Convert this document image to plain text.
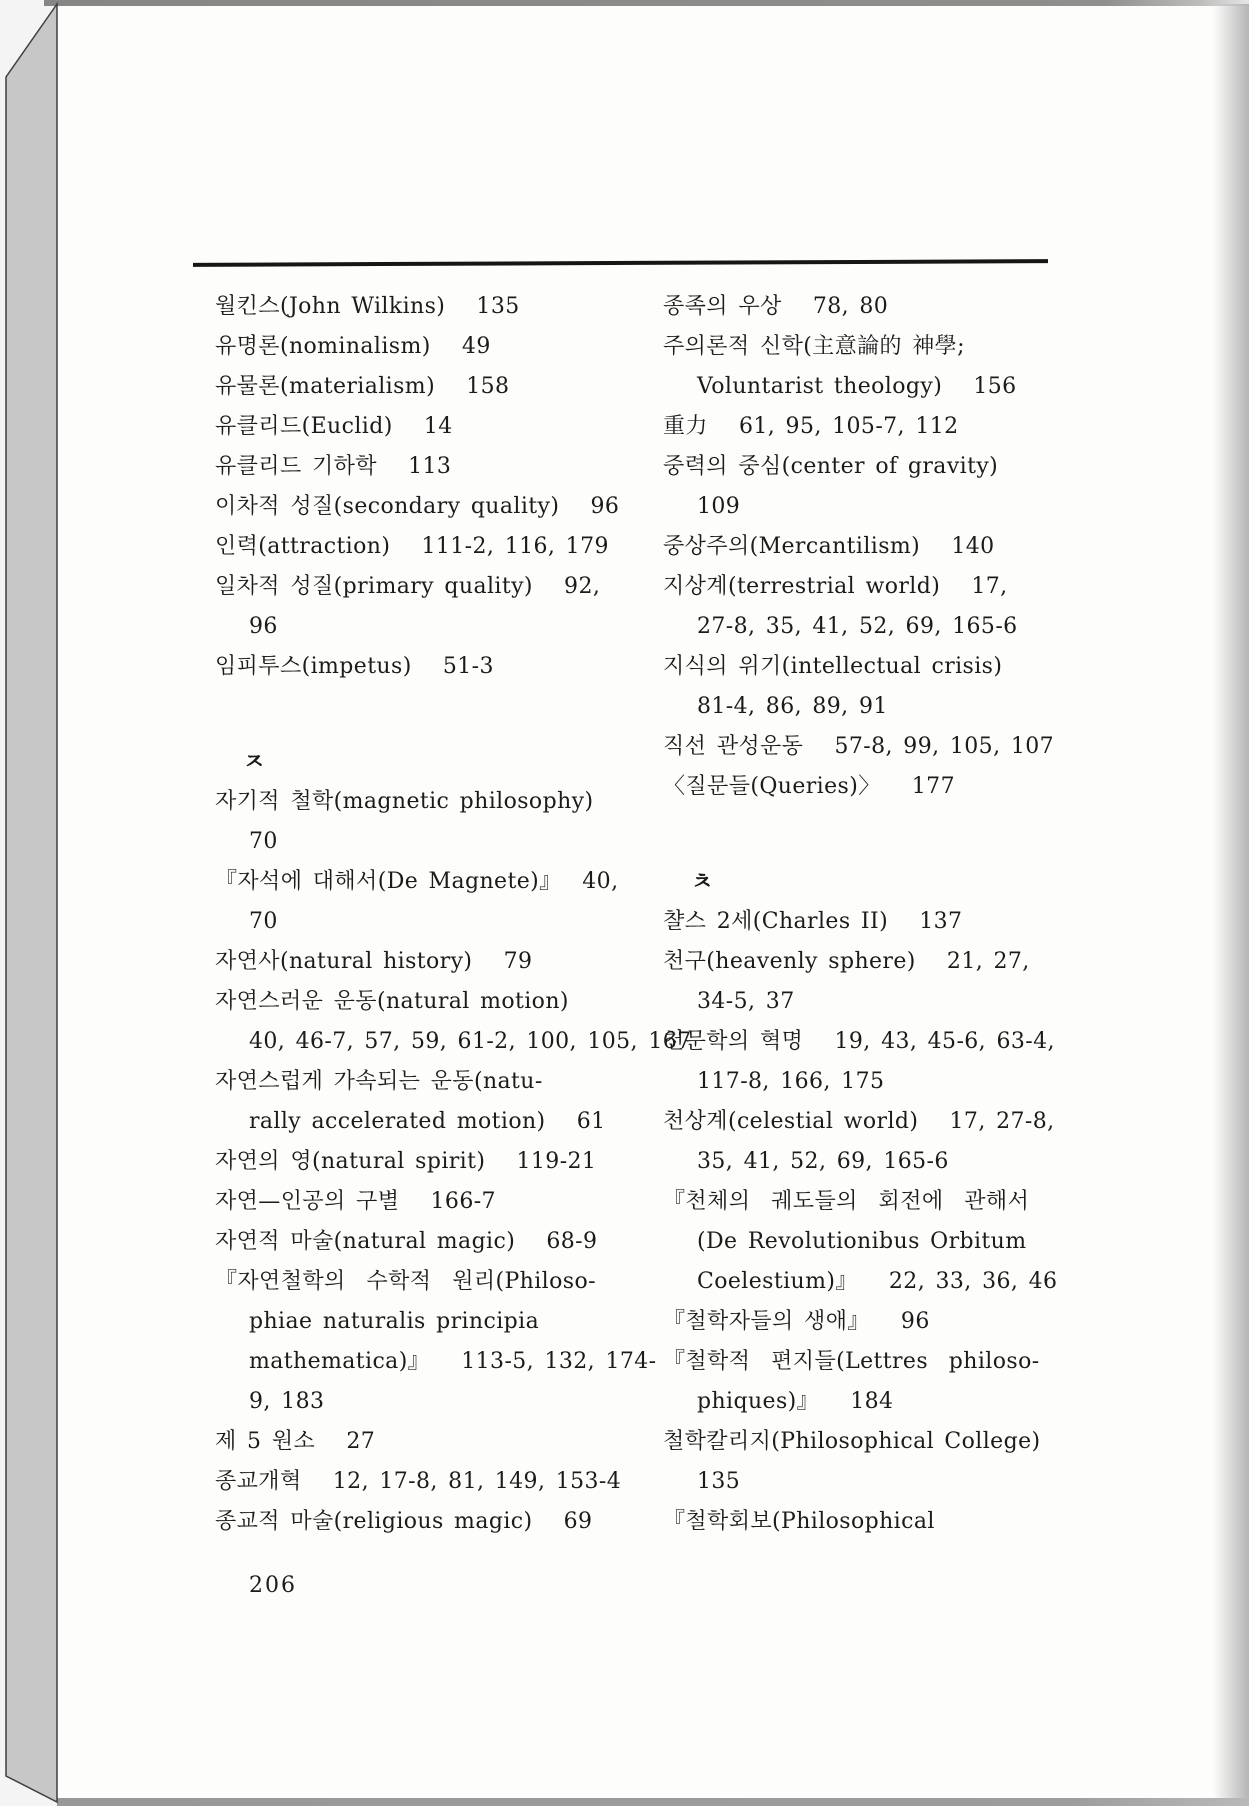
월킨스(John Wilkins)   135
유명론(nominalism)   49
유물론(materialism)   158
유클리드(Euclid)   14
유클리드 기하학   113
이차적 성질(secondary quality)   96
인력(attraction)   111-2, 116, 179
일차적 성질(primary quality)   92,
96
임피투스(impetus)   51-3
ㅈ
자기적 철학(magnetic philosophy)
70
『자석에 대해서(De Magnete)』  40,
70
자연사(natural history)   79
자연스러운 운동(natural motion)
40, 46-7, 57, 59, 61-2, 100, 105, 167
자연스럽게 가속되는 운동(natu-
rally accelerated motion)   61
자연의 영(natural spirit)   119-21
자연—인공의 구별   166-7
자연적 마술(natural magic)   68-9
『자연철학의  수학적  원리(Philoso-
phiae naturalis principia
mathematica)』   113-5, 132, 174-
9, 183
제 5 원소   27
종교개혁   12, 17-8, 81, 149, 153-4
종교적 마술(religious magic)   69
종족의 우상   78, 80
주의론적 신학(主意論的 神學;
Voluntarist theology)   156
重力   61, 95, 105-7, 112
중력의 중심(center of gravity)
109
중상주의(Mercantilism)   140
지상계(terrestrial world)   17,
27-8, 35, 41, 52, 69, 165-6
지식의 위기(intellectual crisis)
81-4, 86, 89, 91
직선 관성운동   57-8, 99, 105, 107
〈질문들(Queries)〉   177
ㅊ
챨스 2세(Charles II)   137
천구(heavenly sphere)   21, 27,
34-5, 37
천문학의 혁명   19, 43, 45-6, 63-4,
117-8, 166, 175
천상계(celestial world)   17, 27-8,
35, 41, 52, 69, 165-6
『천체의  궤도들의  회전에  관해서
(De Revolutionibus Orbitum
Coelestium)』   22, 33, 36, 46
『철학자들의 생애』   96
『철학적  편지들(Lettres  philoso-
phiques)』   184
철학칼리지(Philosophical College)
135
『철학회보(Philosophical
206
